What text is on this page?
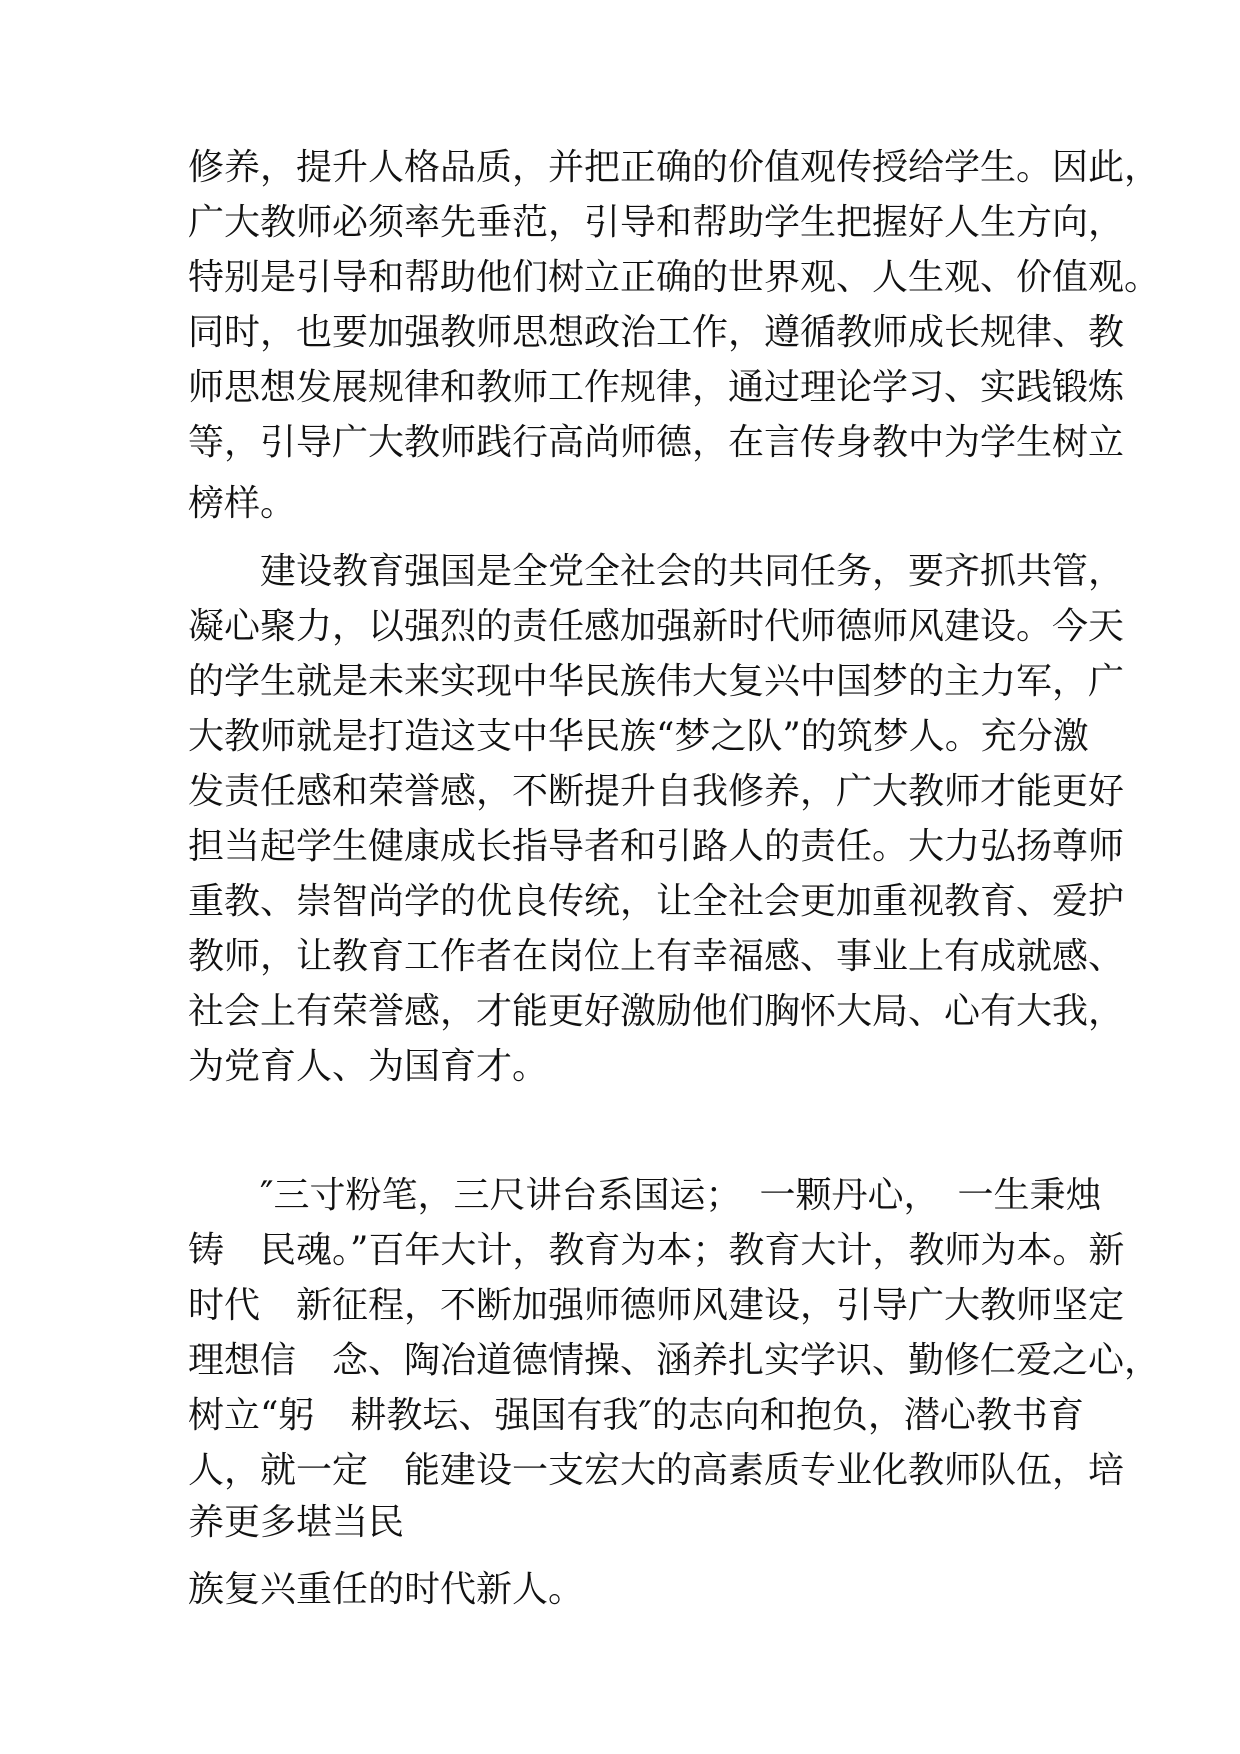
修养，提升人格品质，并把正确的价值观传授给学生。因此，
广大教师必须率先垂范，引导和帮助学生把握好人生方向，
特别是引导和帮助他们树立正确的世界观、人生观、价值观。
同时，也要加强教师思想政治工作，遵循教师成长规律、教
师思想发展规律和教师工作规律，通过理论学习、实践锻炼
等，引导广大教师践行高尚师德，在言传身教中为学生树立
榜样。
　　建设教育强国是全党全社会的共同任务，要齐抓共管，
凝心聚力，以强烈的责任感加强新时代师德师风建设。今天
的学生就是未来实现中华民族伟大复兴中国梦的主力军，广
大教师就是打造这支中华民族“梦之队”的筑梦人。充分激
发责任感和荣誉感，不断提升自我修养，广大教师才能更好
担当起学生健康成长指导者和引路人的责任。大力弘扬尊师
重教、崇智尚学的优良传统，让全社会更加重视教育、爱护
教师，让教育工作者在岗位上有幸福感、事业上有成就感、
社会上有荣誉感，才能更好激励他们胸怀大局、心有大我，
为党育人、为国育才。
　　″三寸粉笔，三尺讲台系国运；　一颗丹心，　一生秉烛
铸　民魂。”百年大计，教育为本；教育大计，教师为本。新
时代　新征程，不断加强师德师风建设，引导广大教师坚定
理想信　念、陶冶道德情操、涵养扎实学识、勤修仁爱之心，
树立“躬　耕教坛、强国有我″的志向和抱负，潜心教书育
人，就一定　能建设一支宏大的高素质专业化教师队伍，培
养更多堪当民
族复兴重任的时代新人。
